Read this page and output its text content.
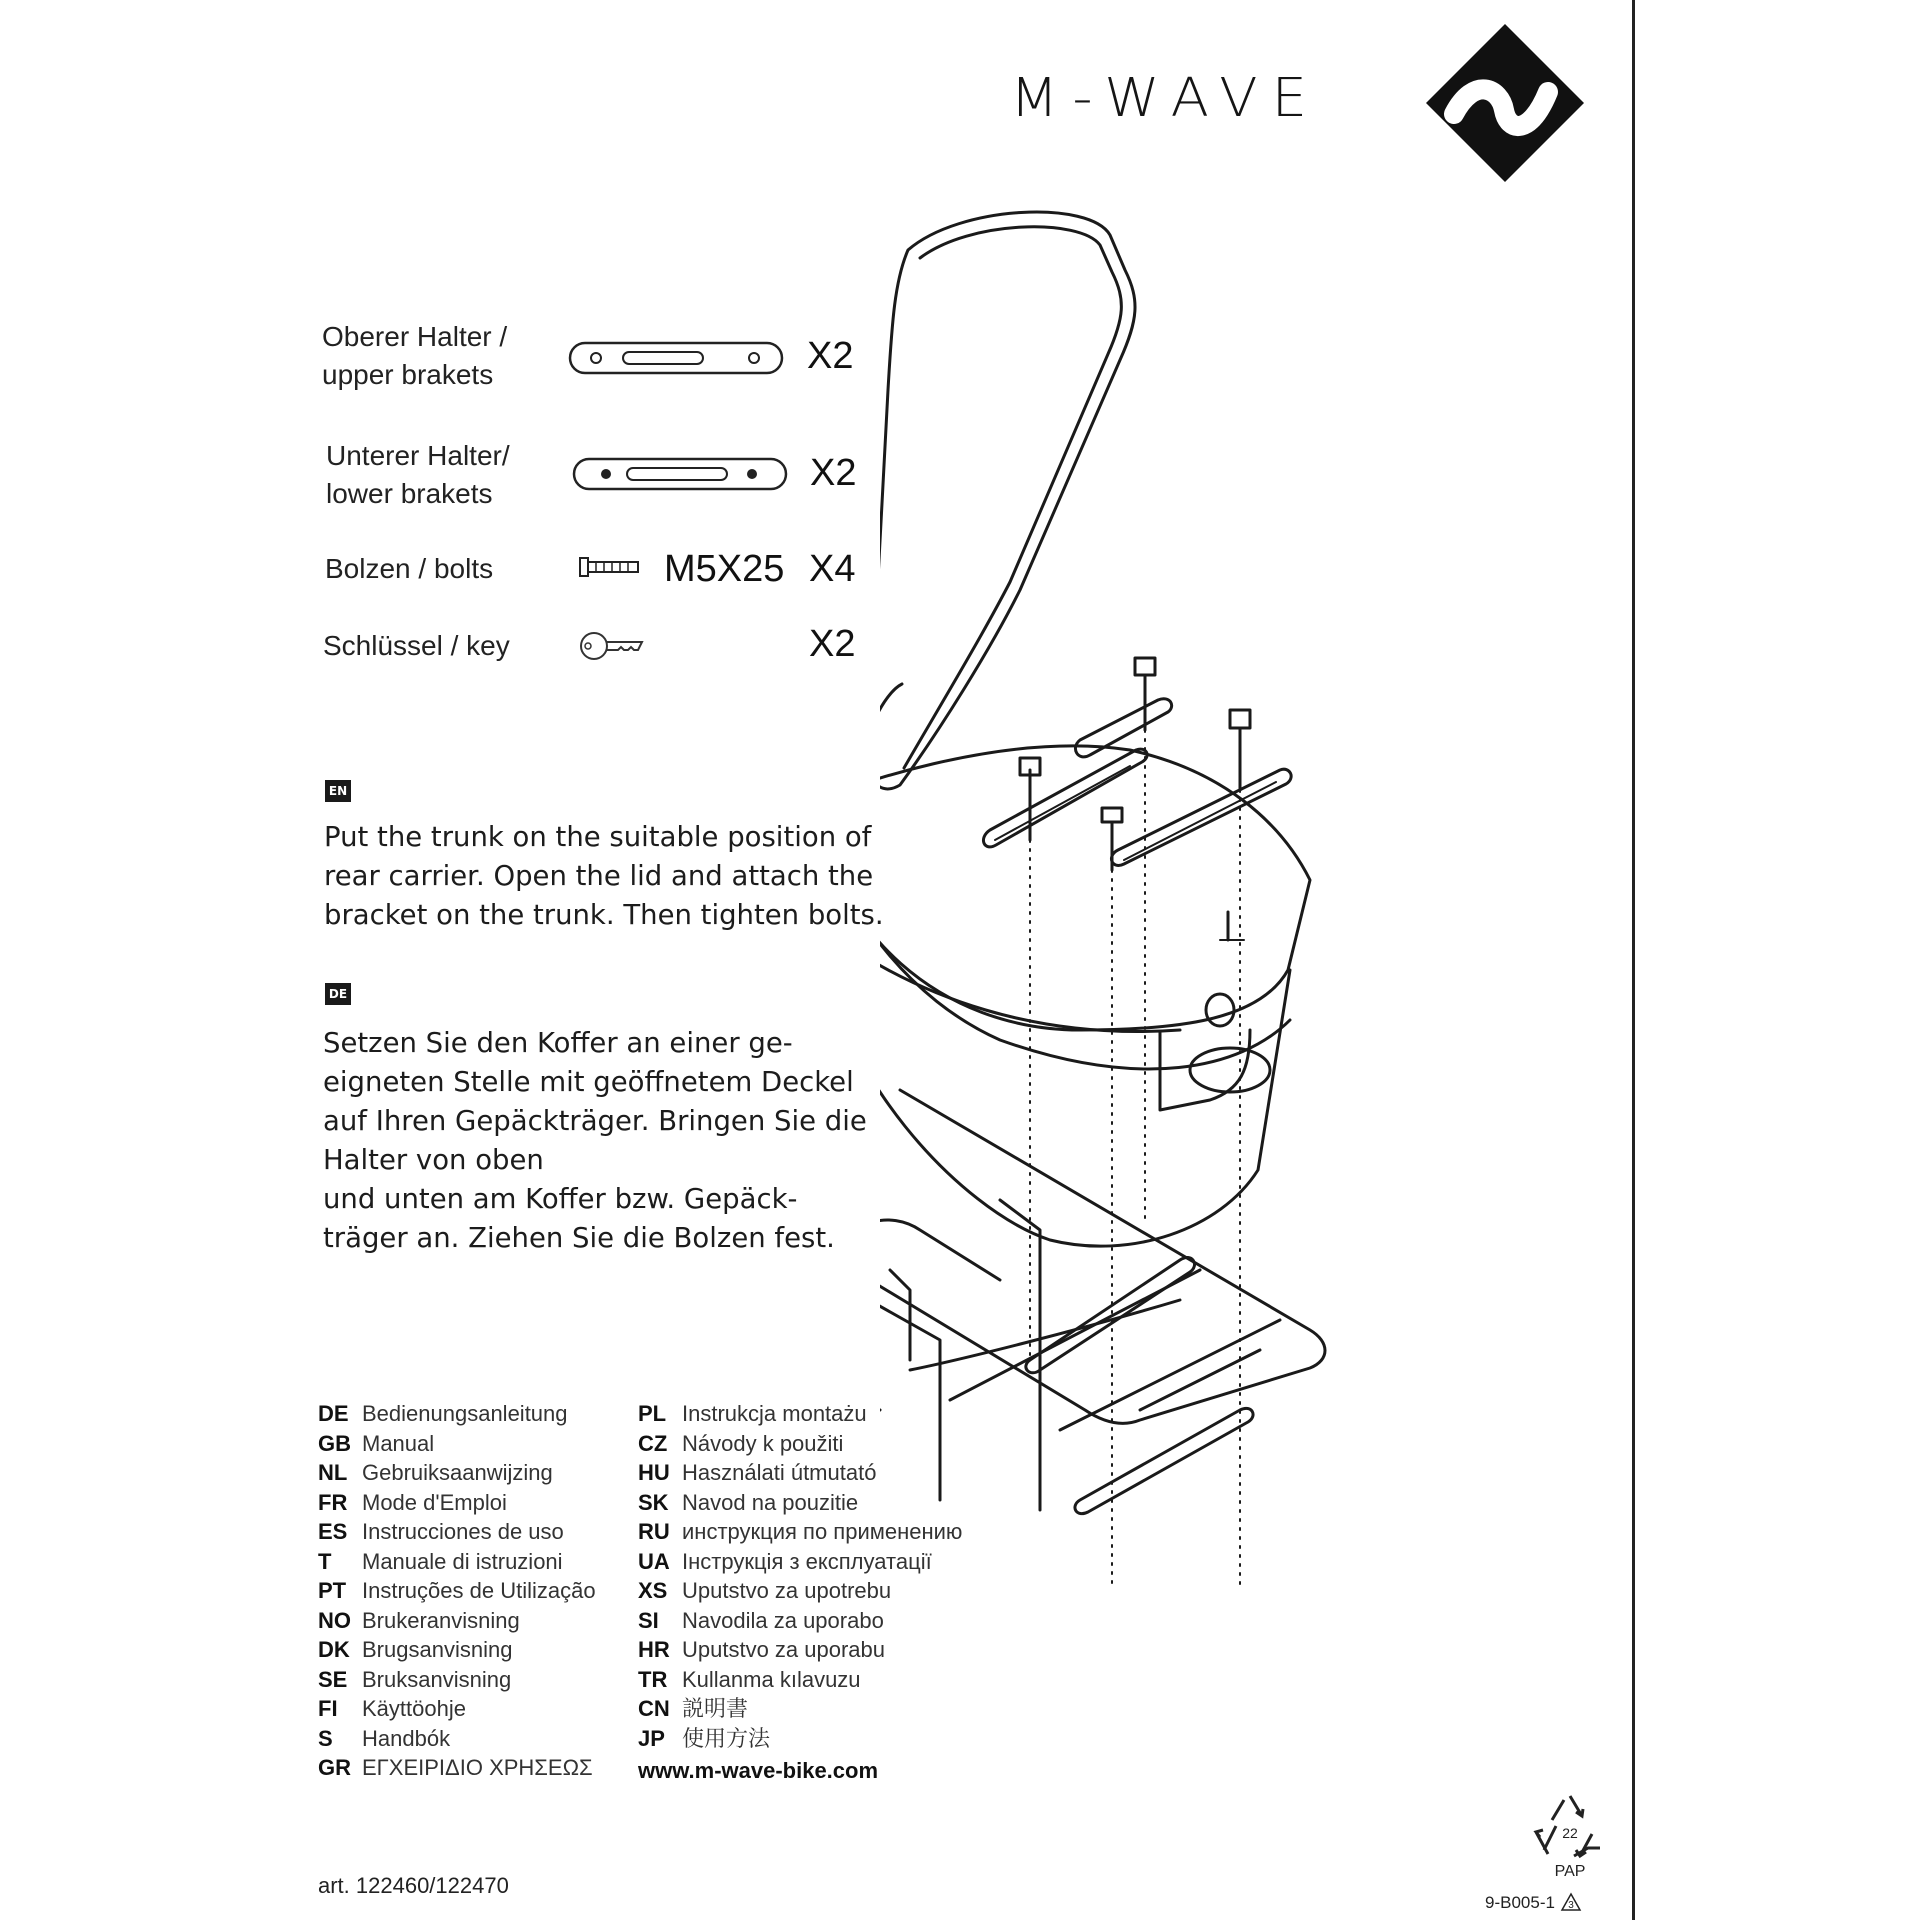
M-WAVE
Oberer Halter /
upper brakets	X2
Unterer Halter/
lower brakets	X2
Bolzen / bolts	M5X25 X4
Schlüssel / key	X2
EN

Put the trunk on the suitable position of

rear carrier. Open the lid and attach the

bracket on the trunk. Then tighten bolts.

DE

Setzen Sie den Koffer an einer ge-

eigneten Stelle mit geöffnetem Deckel

auf Ihren Gepäckträger. Bringen Sie die

Halter von oben

und unten am Koffer bzw. Gepäck-

träger an. Ziehen Sie die Bolzen fest.

DE Bedienungsanleitung
GB Manual
NL Gebruiksaanwijzing
FR Mode d'Emploi
ES Instrucciones de uso
T Manuale di istruzioni
PT Instruções de Utilização
NO Brukeranvisning
DK Brugsanvisning
SE Bruksanvisning
FI Käyttöohje
S Handbók
GR ΕΓΧΕΙΡΙΔΙΟ ΧΡΗΣΕΩΣ
PL Instrukcja montażu
CZ Návody k použiti
HU Használati útmutató
SK Navod na pouzitie
RU инструкция по применению
UA Інструкція з експлуатації
XS Uputstvo za upotrebu
SI Navodila za uporabo
HR Uputstvo za uporabu
TR Kullanma kılavuzu
CN 説明書
JP 使用方法
www.m-wave-bike.com
art. 122460/122470
22
PAP
9-B005-1 3
